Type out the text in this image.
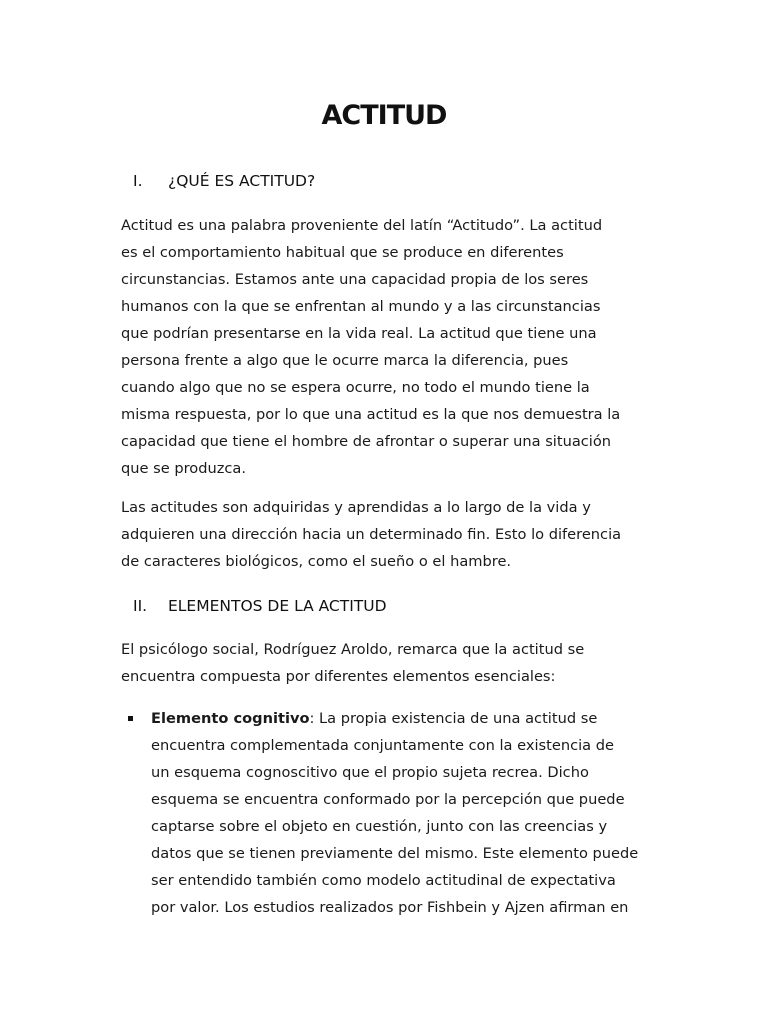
ACTITUD
I.	¿QUÉ ES ACTITUD?
Actitud es una palabra proveniente del latín “Actitudo”. La actitud
es el comportamiento habitual que se produce en diferentes
circunstancias. Estamos ante una capacidad propia de los seres
humanos con la que se enfrentan al mundo y a las circunstancias
que podrían presentarse en la vida real. La actitud que tiene una
persona frente a algo que le ocurre marca la diferencia, pues
cuando algo que no se espera ocurre, no todo el mundo tiene la
misma respuesta, por lo que una actitud es la que nos demuestra la
capacidad que tiene el hombre de afrontar o superar una situación
que se produzca.
Las actitudes son adquiridas y aprendidas a lo largo de la vida y
adquieren una dirección hacia un determinado fin. Esto lo diferencia
de caracteres biológicos, como el sueño o el hambre.
II.	ELEMENTOS DE LA ACTITUD
El psicólogo social, Rodríguez Aroldo, remarca que la actitud se
encuentra compuesta por diferentes elementos esenciales:
Elemento cognitivo: La propia existencia de una actitud se
encuentra complementada conjuntamente con la existencia de
un esquema cognoscitivo que el propio sujeta recrea. Dicho
esquema se encuentra conformado por la percepción que puede
captarse sobre el objeto en cuestión, junto con las creencias y
datos que se tienen previamente del mismo. Este elemento puede
ser entendido también como modelo actitudinal de expectativa
por valor. Los estudios realizados por Fishbein y Ajzen afirman en
